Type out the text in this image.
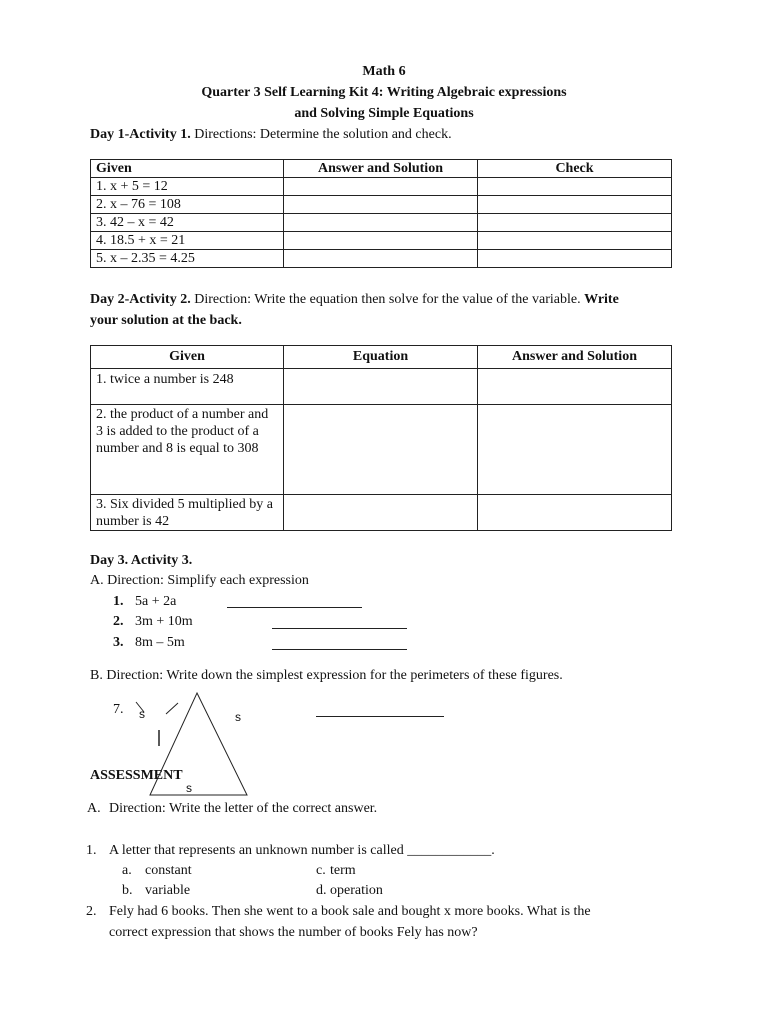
Math 6
Quarter 3 Self Learning Kit 4: Writing Algebraic expressions
and Solving Simple Equations
Day 1-Activity 1. Directions: Determine the solution and check.
Given	Answer and Solution	Check
1. x + 5 = 12		
2. x – 76 = 108		
3. 42 – x = 42		
4. 18.5 + x = 21		
5. x – 2.35 = 4.25		
Day 2-Activity 2. Direction: Write the equation then solve for the value of the variable. Write
your solution at the back.
Given	Equation	Answer and Solution
1. twice a number is 248		
2. the product of a number and 3 is added to the product of a number and 8 is equal to 308		
3. Six divided 5 multiplied by a number is 42		
Day 3. Activity 3.
A. Direction: Simplify each expression
1. 5a + 2a
2. 3m + 10m
3. 8m – 5m
B. Direction: Write down the simplest expression for the perimeters of these figures.
7. s	s
s
ASSESSMENT
A. Direction: Write the letter of the correct answer.
1. A letter that represents an unknown number is called ____________.
a. constant
b. variable
c. term
d. operation
2. Fely had 6 books. Then she went to a book sale and bought x more books. What is the
correct expression that shows the number of books Fely has now?
